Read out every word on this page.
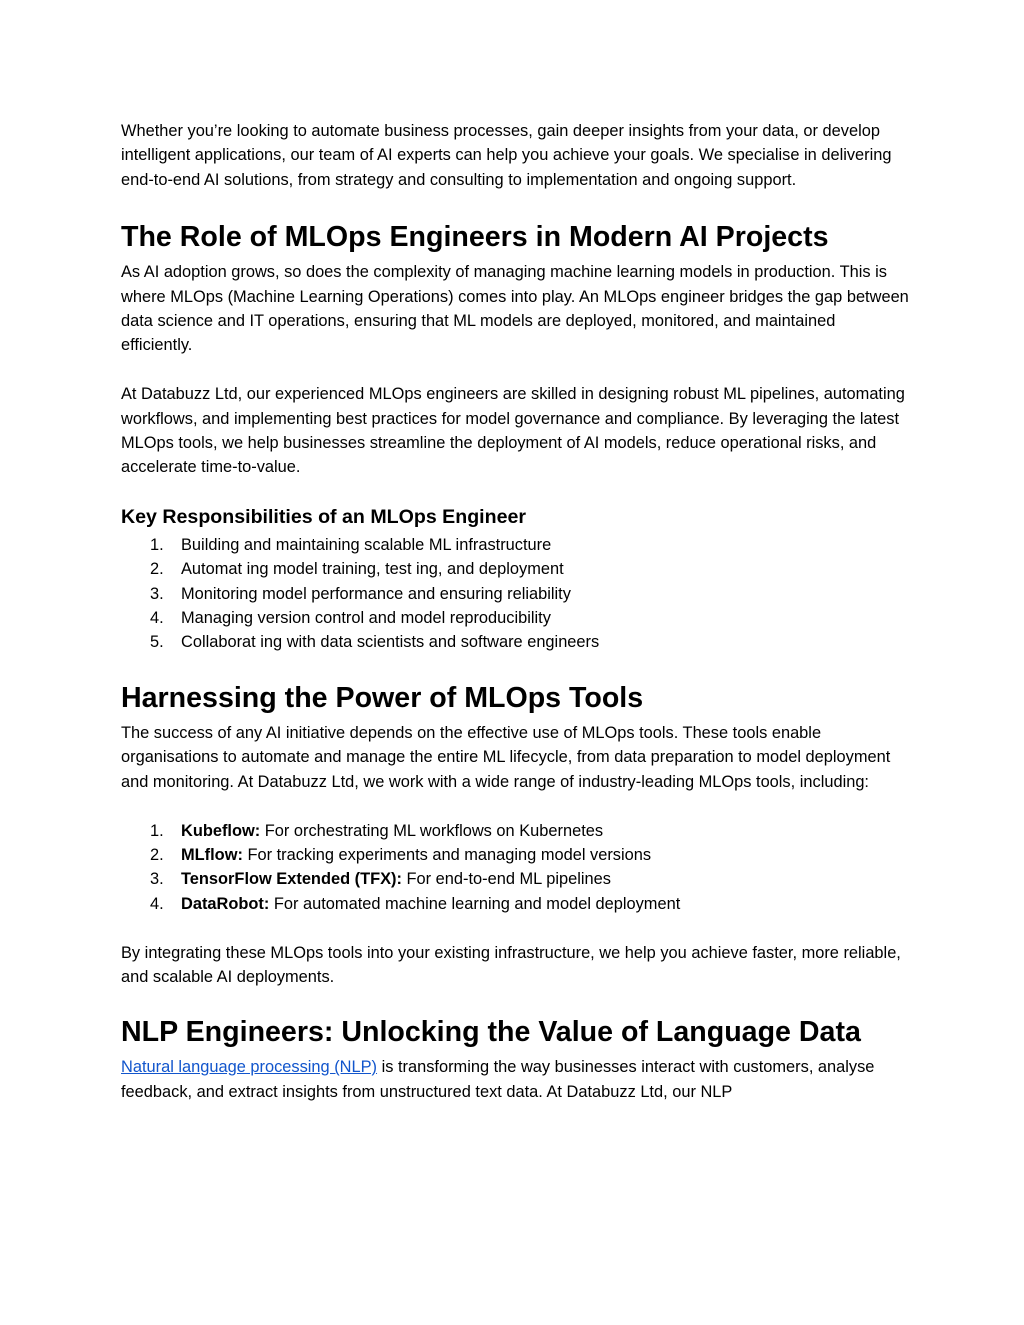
Whether you’re looking to automate business processes, gain deeper insights from your data, or develop intelligent applications, our team of AI experts can help you achieve your goals. We specialise in delivering end-to-end AI solutions, from strategy and consulting to implementation and ongoing support.

The Role of MLOps Engineers in Modern AI Projects

As AI adoption grows, so does the complexity of managing machine learning models in production. This is where MLOps (Machine Learning Operations) comes into play. An MLOps engineer bridges the gap between data science and IT operations, ensuring that ML models are deployed, monitored, and maintained efficiently.

At Databuzz Ltd, our experienced MLOps engineers are skilled in designing robust ML pipelines, automating workflows, and implementing best practices for model governance and compliance. By leveraging the latest MLOps tools, we help businesses streamline the deployment of AI models, reduce operational risks, and accelerate time-to-value.

Key Responsibilities of an MLOps Engineer
1. Building and maintaining scalable ML infrastructure
2. Automat ing model training, test ing, and deployment
3. Monitoring model performance and ensuring reliability
4. Managing version control and model reproducibility
5. Collaborat ing with data scientists and software engineers
Harnessing the Power of MLOps Tools

The success of any AI initiative depends on the effective use of MLOps tools. These tools enable organisations to automate and manage the entire ML lifecycle, from data preparation to model deployment and monitoring. At Databuzz Ltd, we work with a wide range of industry-leading MLOps tools, including:

1. Kubeflow: For orchestrating ML workflows on Kubernetes
2. MLflow: For tracking experiments and managing model versions
3. TensorFlow Extended (TFX): For end-to-end ML pipelines
4. DataRobot: For automated machine learning and model deployment

By integrating these MLOps tools into your existing infrastructure, we help you achieve faster, more reliable, and scalable AI deployments.

NLP Engineers: Unlocking the Value of Language Data

Natural language processing (NLP) is transforming the way businesses interact with customers, analyse feedback, and extract insights from unstructured text data. At Databuzz Ltd, our NLP
